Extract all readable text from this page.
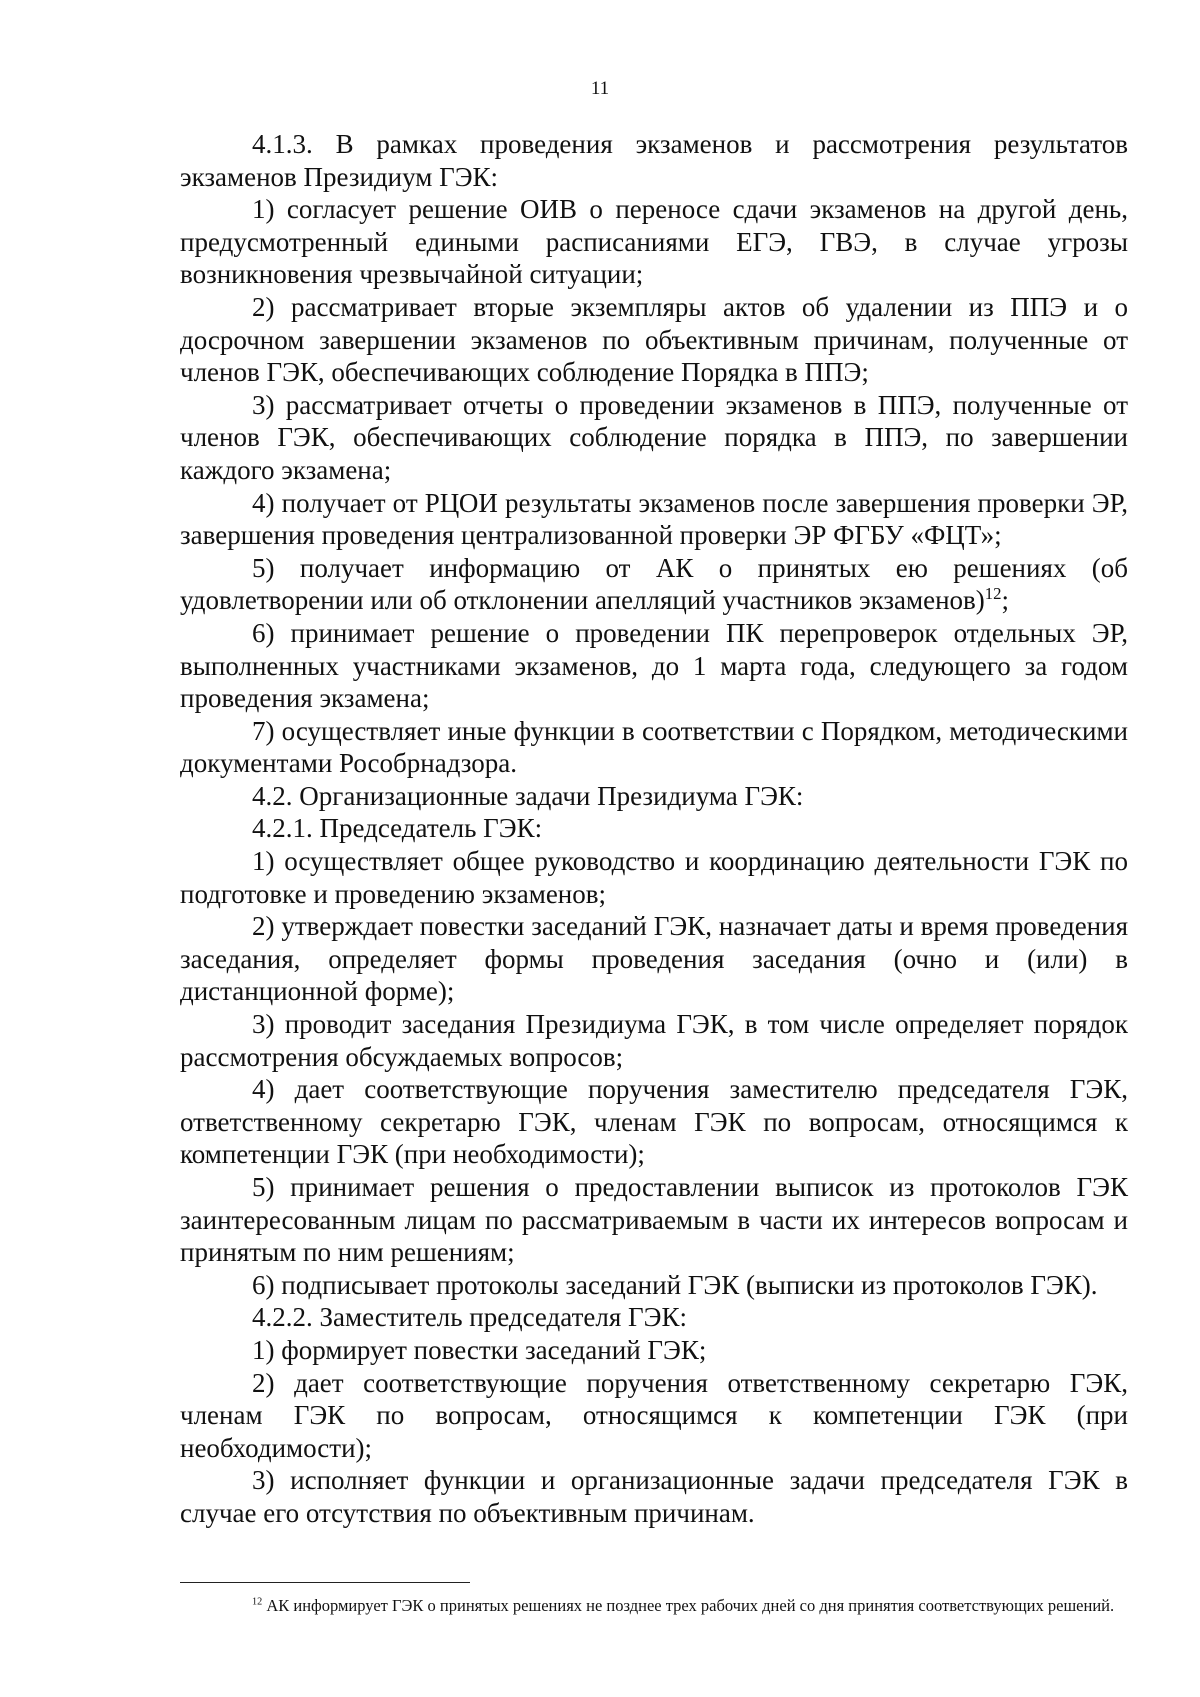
11

4.1.3. В рамках проведения экзаменов и рассмотрения результатов экзаменов Президиум ГЭК:

1) согласует решение ОИВ о переносе сдачи экзаменов на другой день, предусмотренный едиными расписаниями ЕГЭ, ГВЭ, в случае угрозы возникновения чрезвычайной ситуации;

2) рассматривает вторые экземпляры актов об удалении из ППЭ и о досрочном завершении экзаменов по объективным причинам, полученные от членов ГЭК, обеспечивающих соблюдение Порядка в ППЭ;

3) рассматривает отчеты о проведении экзаменов в ППЭ, полученные от членов ГЭК, обеспечивающих соблюдение порядка в ППЭ, по завершении каждого экзамена;

4) получает от РЦОИ результаты экзаменов после завершения проверки ЭР, завершения проведения централизованной проверки ЭР ФГБУ «ФЦТ»;

5) получает информацию от АК о принятых ею решениях (об удовлетворении или об отклонении апелляций участников экзаменов)$^{12}$;

6) принимает решение о проведении ПК перепроверок отдельных ЭР, выполненных участниками экзаменов, до 1 марта года, следующего за годом проведения экзамена;

7) осуществляет иные функции в соответствии с Порядком, методическими документами Рособрнадзора.

4.2. Организационные задачи Президиума ГЭК:

4.2.1. Председатель ГЭК:

1) осуществляет общее руководство и координацию деятельности ГЭК по подготовке и проведению экзаменов;

2) утверждает повестки заседаний ГЭК, назначает даты и время проведения заседания, определяет формы проведения заседания (очно и (или) в дистанционной форме);

3) проводит заседания Президиума ГЭК, в том числе определяет порядок рассмотрения обсуждаемых вопросов;

4) дает соответствующие поручения заместителю председателя ГЭК, ответственному секретарю ГЭК, членам ГЭК по вопросам, относящимся к компетенции ГЭК (при необходимости);

5) принимает решения о предоставлении выписок из протоколов ГЭК заинтересованным лицам по рассматриваемым в части их интересов вопросам и принятым по ним решениям;

6) подписывает протоколы заседаний ГЭК (выписки из протоколов ГЭК).

4.2.2. Заместитель председателя ГЭК:

1) формирует повестки заседаний ГЭК;

2) дает соответствующие поручения ответственному секретарю ГЭК, членам ГЭК по вопросам, относящимся к компетенции ГЭК (при необходимости);

3) исполняет функции и организационные задачи председателя ГЭК в случае его отсутствия по объективным причинам.

$^{12}$ АК информирует ГЭК о принятых решениях не позднее трех рабочих дней со дня принятия соответствующих решений.
